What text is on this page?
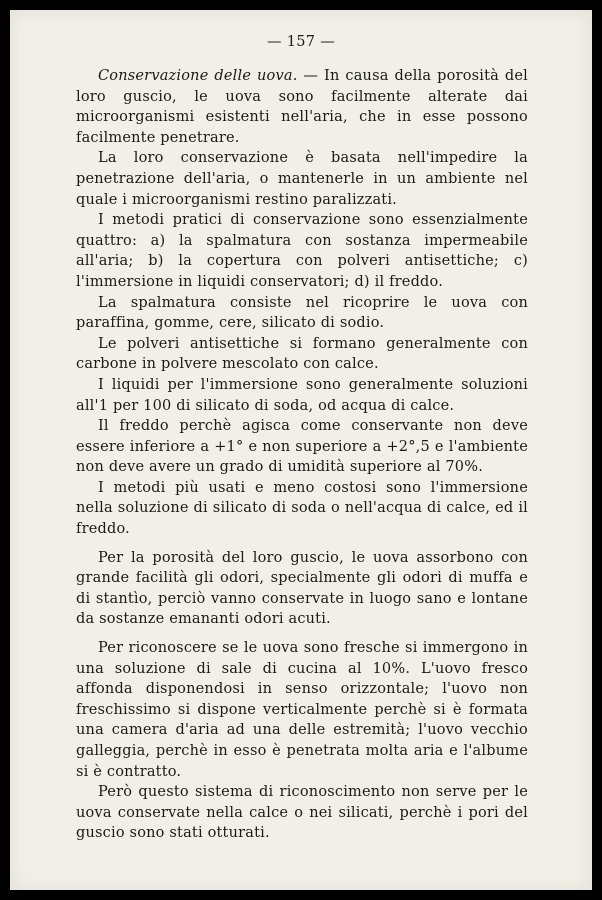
— 157 —

Conservazione delle uova. — In causa della porosità del loro guscio, le uova sono facilmente alterate dai microorganismi esistenti nell'aria, che in esse possono facilmente penetrare.

La loro conservazione è basata nell'impedire la penetrazione dell'aria, o mantenerle in un ambiente nel quale i microorganismi restino paralizzati.

I metodi pratici di conservazione sono essenzialmente quattro: a) la spalmatura con sostanza impermeabile all'aria; b) la copertura con polveri antisettiche; c) l'immersione in liquidi conservatori; d) il freddo.

La spalmatura consiste nel ricoprire le uova con paraffina, gomme, cere, silicato di sodio.

Le polveri antisettiche si formano generalmente con carbone in polvere mescolato con calce.

I liquidi per l'immersione sono generalmente soluzioni all'1 per 100 di silicato di soda, od acqua di calce.

Il freddo perchè agisca come conservante non deve essere inferiore a +1° e non superiore a +2°,5 e l'ambiente non deve avere un grado di umidità superiore al 70%.

I metodi più usati e meno costosi sono l'immersione nella soluzione di silicato di soda o nell'acqua di calce, ed il freddo.

Per la porosità del loro guscio, le uova assorbono con grande facilità gli odori, specialmente gli odori di muffa e di stantìo, perciò vanno conservate in luogo sano e lontane da sostanze emananti odori acuti.

Per riconoscere se le uova sono fresche si immergono in una soluzione di sale di cucina al 10%. L'uovo fresco affonda disponendosi in senso orizzontale; l'uovo non freschissimo si dispone verticalmente perchè si è formata una camera d'aria ad una delle estremità; l'uovo vecchio galleggia, perchè in esso è penetrata molta aria e l'albume si è contratto.

Però questo sistema di riconoscimento non serve per le uova conservate nella calce o nei silicati, perchè i pori del guscio sono stati otturati.
